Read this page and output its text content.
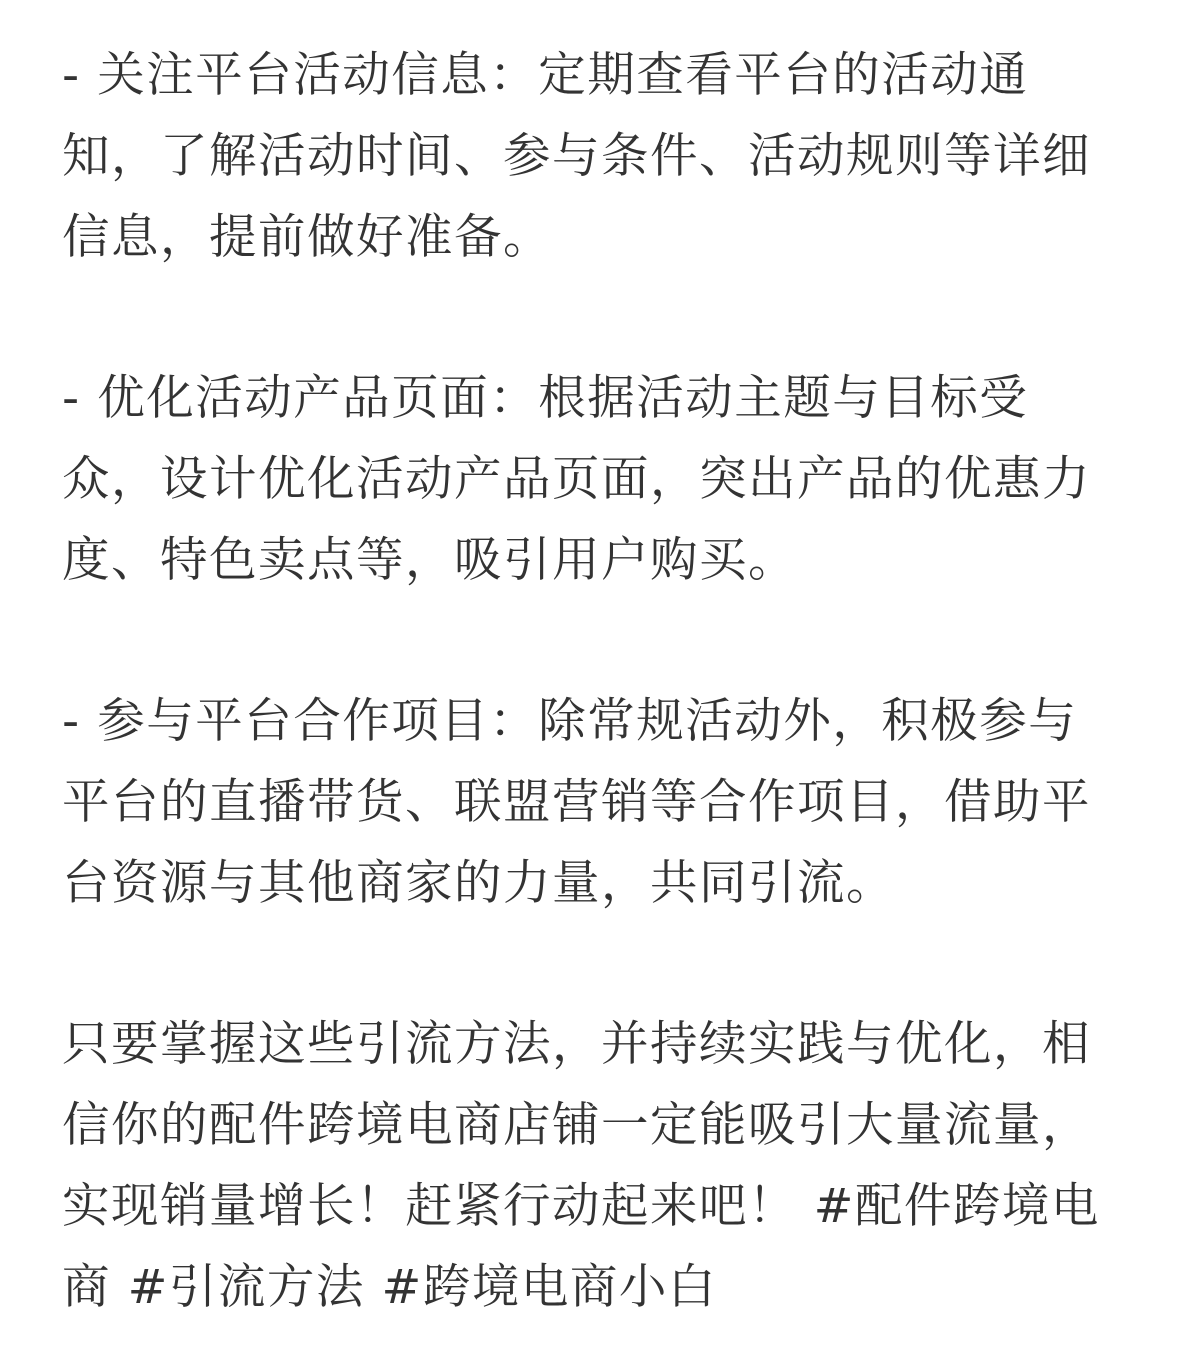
- 关注平台活动信息：定期查看平台的活动通知，了解活动时间、参与条件、活动规则等详细信息，提前做好准备。

- 优化活动产品页面：根据活动主题与目标受众，设计优化活动产品页面，突出产品的优惠力度、特色卖点等，吸引用户购买。

- 参与平台合作项目：除常规活动外，积极参与平台的直播带货、联盟营销等合作项目，借助平台资源与其他商家的力量，共同引流。

只要掌握这些引流方法，并持续实践与优化，相信你的配件跨境电商店铺一定能吸引大量流量，实现销量增长！赶紧行动起来吧！ #配件跨境电商 #引流方法 #跨境电商小白
